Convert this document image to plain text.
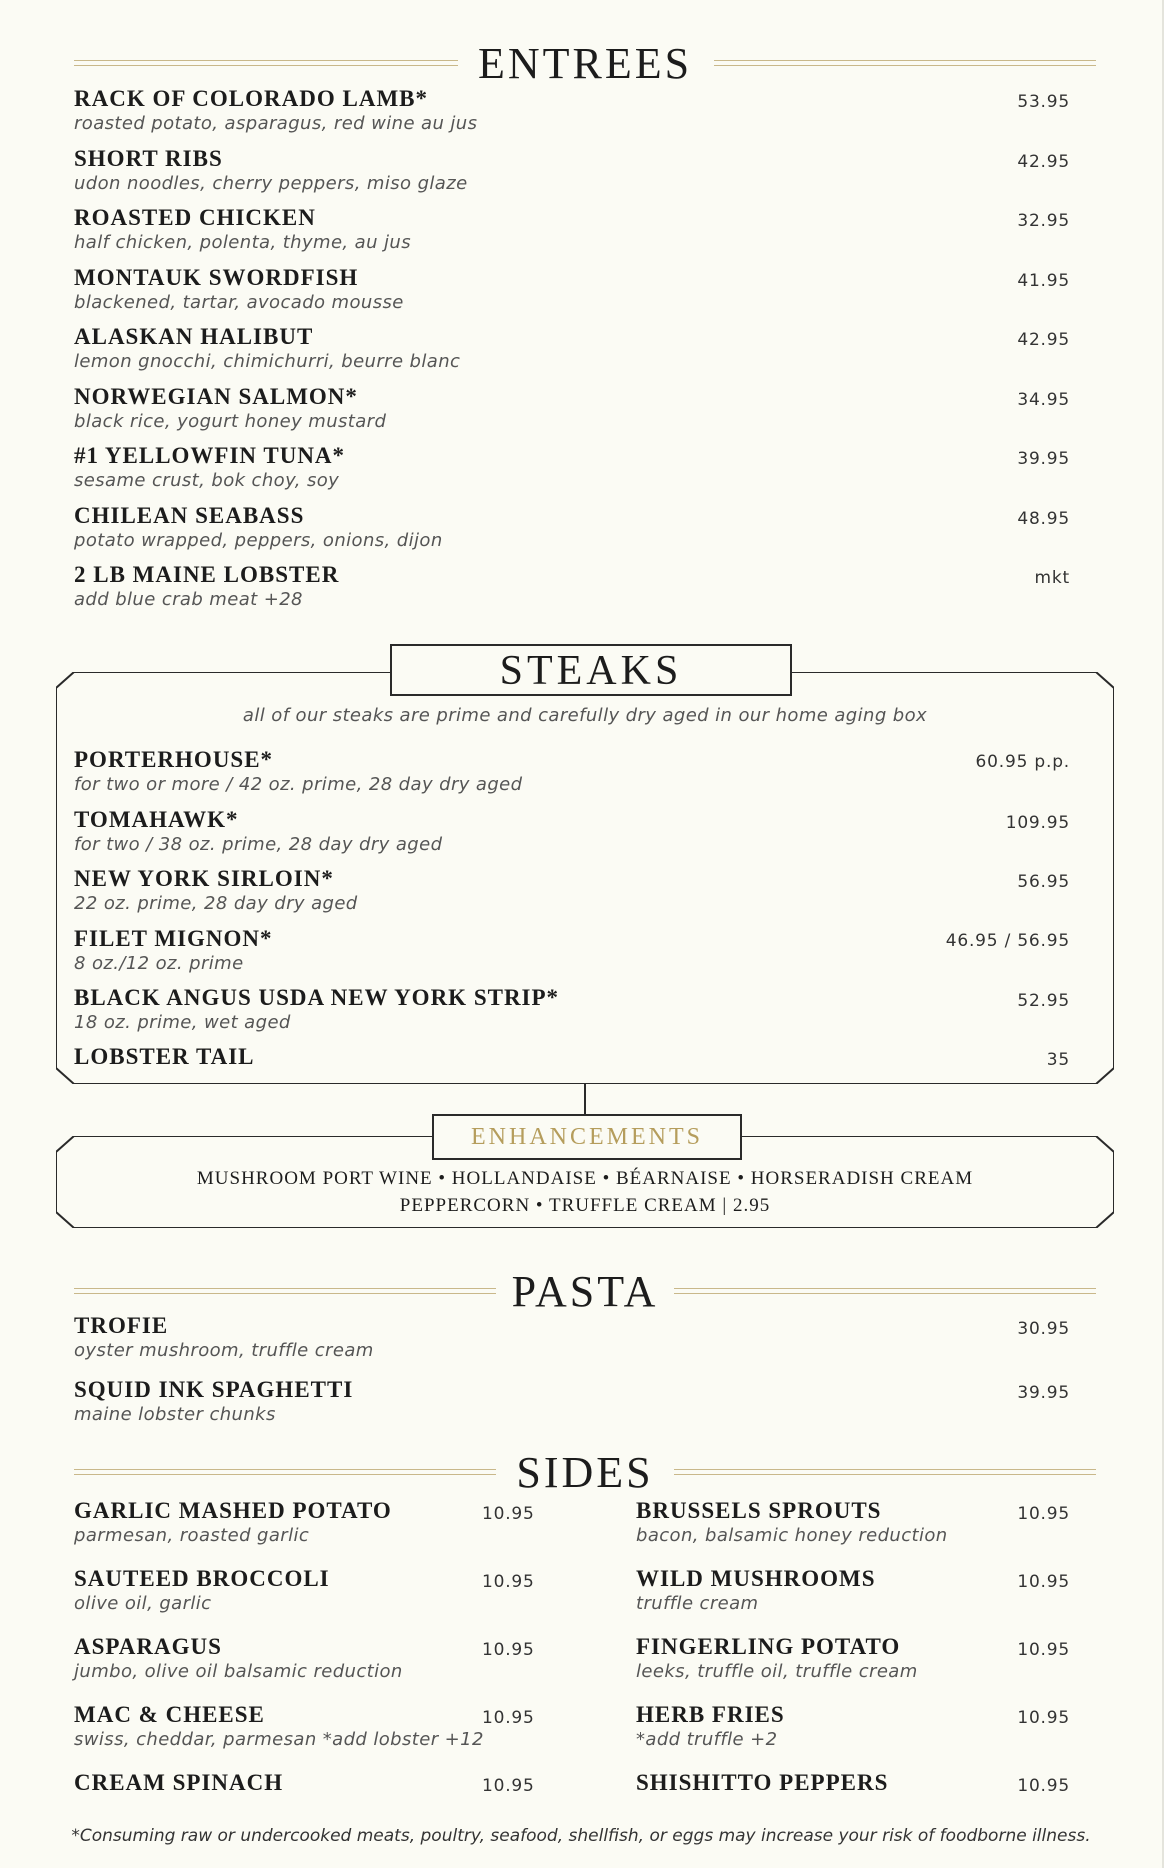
ENTREES
RACK OF COLORADO LAMB*
roasted potato, asparagus, red wine au jus
53.95
SHORT RIBS
udon noodles, cherry peppers, miso glaze
42.95
ROASTED CHICKEN
half chicken, polenta, thyme, au jus
32.95
MONTAUK SWORDFISH
blackened, tartar, avocado mousse
41.95
ALASKAN HALIBUT
lemon gnocchi, chimichurri, beurre blanc
42.95
NORWEGIAN SALMON*
black rice, yogurt honey mustard
34.95
#1 YELLOWFIN TUNA*
sesame crust, bok choy, soy
39.95
CHILEAN SEABASS
potato wrapped, peppers, onions, dijon
48.95
2 LB MAINE LOBSTER
add blue crab meat +28
mkt
STEAKS
all of our steaks are prime and carefully dry aged in our home aging box
PORTERHOUSE*
for two or more / 42 oz. prime, 28 day dry aged
60.95 p.p.
TOMAHAWK*
for two / 38 oz. prime, 28 day dry aged
109.95
NEW YORK SIRLOIN*
22 oz. prime, 28 day dry aged
56.95
FILET MIGNON*
8 oz./12 oz. prime
46.95 / 56.95
BLACK ANGUS USDA NEW YORK STRIP*
18 oz. prime, wet aged
52.95
LOBSTER TAIL	35
ENHANCEMENTS
MUSHROOM PORT WINE • HOLLANDAISE • BÉARNAISE • HORSERADISH CREAM
PEPPERCORN • TRUFFLE CREAM | 2.95
PASTA
TROFIE
oyster mushroom, truffle cream
30.95
SQUID INK SPAGHETTI
maine lobster chunks
39.95
SIDES
GARLIC MASHED POTATO
parmesan, roasted garlic
10.95
SAUTEED BROCCOLI
olive oil, garlic
10.95
ASPARAGUS
jumbo, olive oil balsamic reduction
10.95
MAC & CHEESE
swiss, cheddar, parmesan *add lobster +12
10.95
CREAM SPINACH	10.95
BRUSSELS SPROUTS
bacon, balsamic honey reduction
10.95
WILD MUSHROOMS
truffle cream
10.95
FINGERLING POTATO
leeks, truffle oil, truffle cream
10.95
HERB FRIES
*add truffle +2
10.95
SHISHITTO PEPPERS	10.95
*Consuming raw or undercooked meats, poultry, seafood, shellfish, or eggs may increase your risk of foodborne illness.
